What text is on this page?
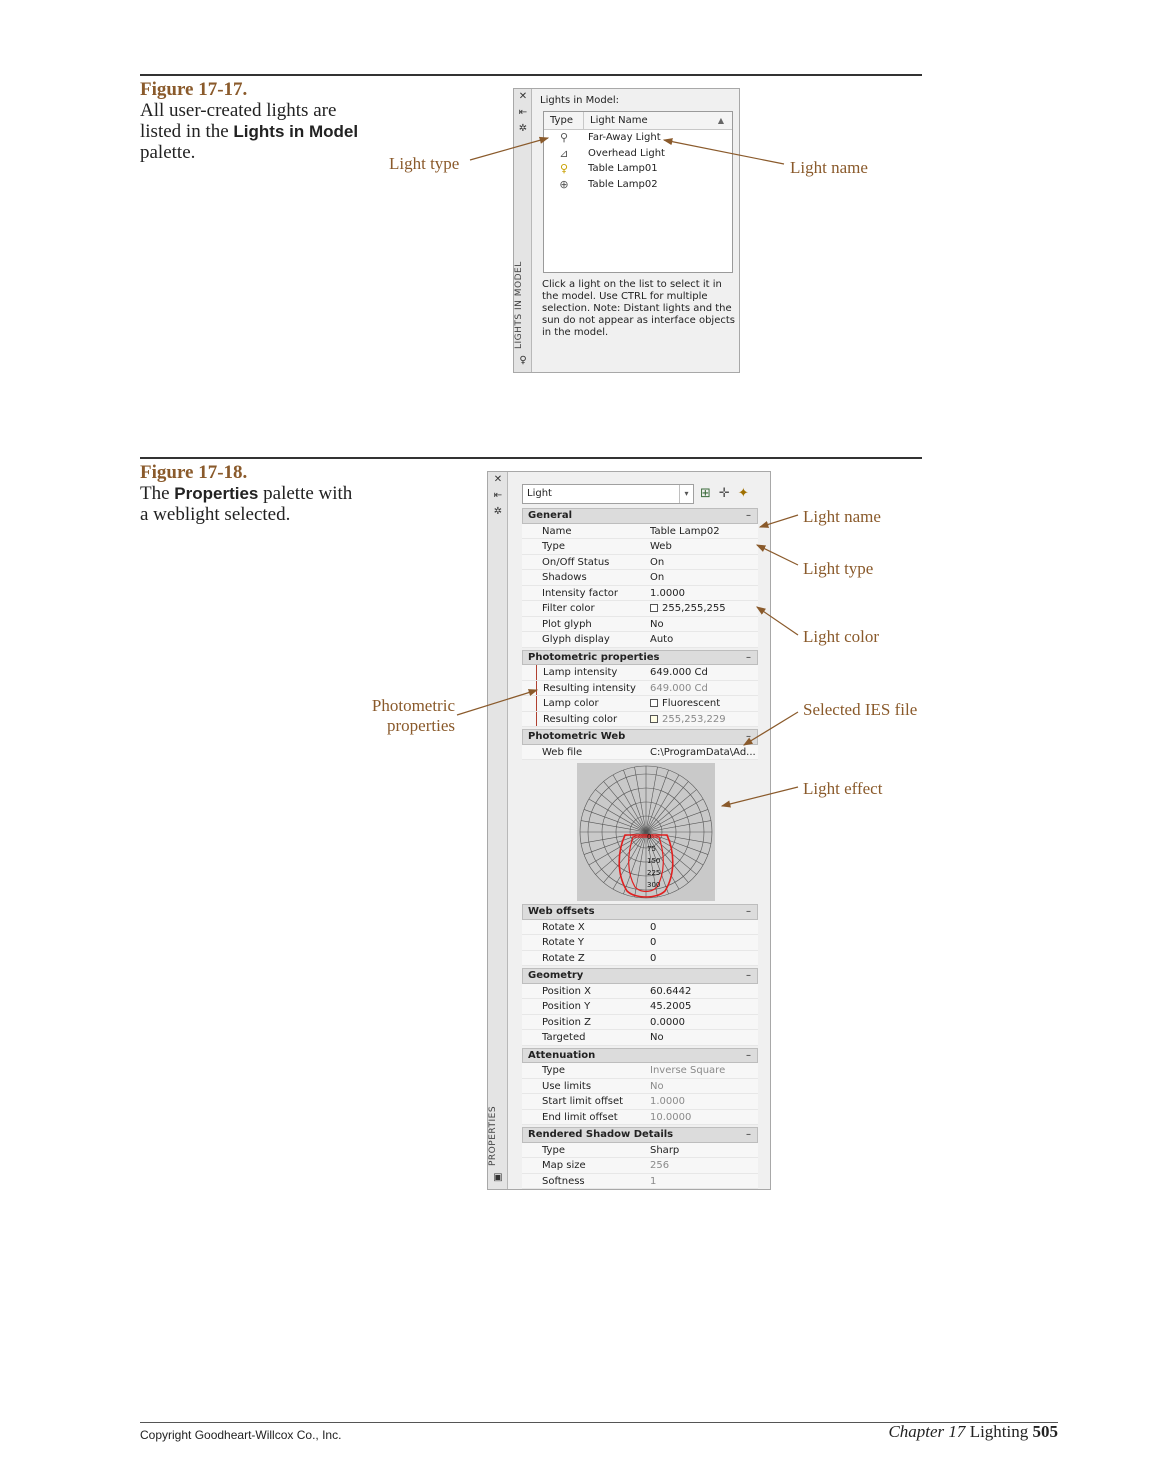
Figure 17-17.
All user-created lights are listed in the Lights in Model palette.
Light type	Light name
✕
⇤
✲
LIGHTS IN MODEL
♀
Lights in Model:
Type	Light Name	▲
⚲	Far-Away Light
⊿	Overhead Light
♀	Table Lamp01
⊕	Table Lamp02
Click a light on the list to select it in the model. Use CTRL for multiple selection. Note: Distant lights and the sun do not appear as interface objects in the model.
Figure 17-18.
The Properties palette with a weblight selected.	Light name
Light type
Light color
Photometric
properties
Selected IES file
Light effect
✕
⇤
✲
PROPERTIES
▣
Light	▾ ⊞ ✛ ✦
General	–
Name	Table Lamp02
Type	Web
On/Off Status	On
Shadows	On
Intensity factor	1.0000
Filter color	255,255,255
Plot glyph	No
Glyph display	Auto
Photometric properties	–
Lamp intensity	649.000 Cd
Resulting intensity	649.000 Cd
Lamp color	Fluorescent
Resulting color	255,253,229
Photometric Web	–
Web file	C:\ProgramData\Ad...
0
75
150
225
300
Web offsets	–
Rotate X	0
Rotate Y	0
Rotate Z	0
Geometry	–
Position X	60.6442
Position Y	45.2005
Position Z	0.0000
Targeted	No
Attenuation	–
Type	Inverse Square
Use limits	No
Start limit offset	1.0000
End limit offset	10.0000
Rendered Shadow Details	–
Type	Sharp
Map size	256
Softness	1
Copyright Goodheart-Willcox Co., Inc.	Chapter 17 Lighting 505
